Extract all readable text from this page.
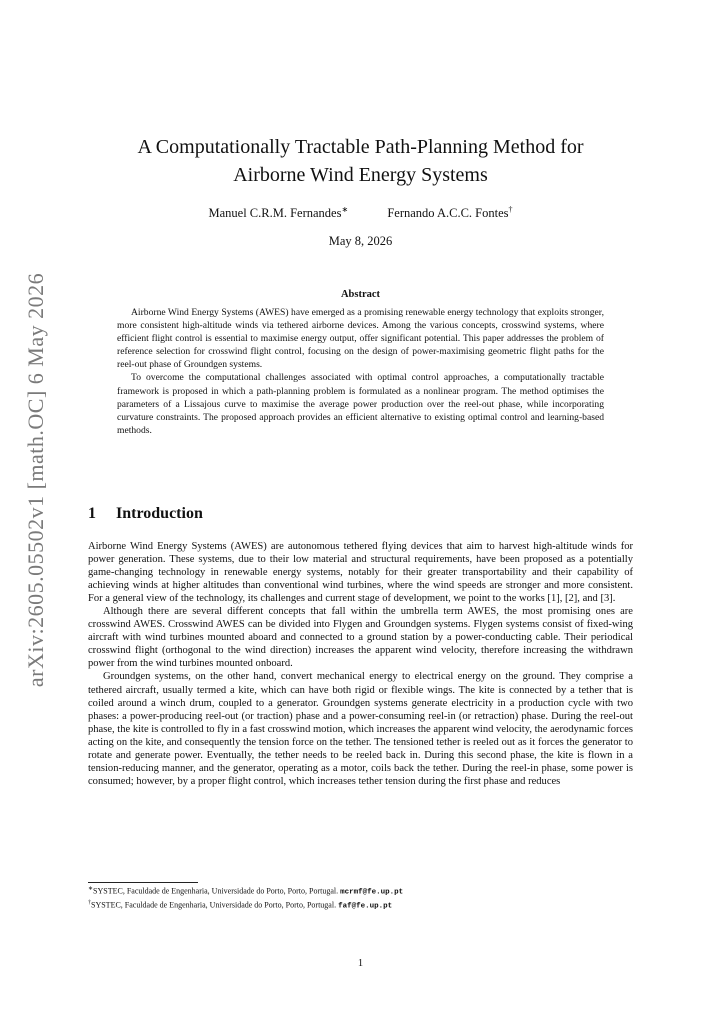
arXiv:2605.05502v1 [math.OC] 6 May 2026
A Computationally Tractable Path-Planning Method for
Airborne Wind Energy Systems
Manuel C.R.M. Fernandes∗	Fernando A.C.C. Fontes†
May 8, 2026
Abstract

Airborne Wind Energy Systems (AWES) have emerged as a promising renewable energy technology that exploits stronger, more consistent high-altitude winds via tethered airborne devices. Among the various concepts, crosswind systems, where efficient flight control is essential to maximise energy output, offer significant potential. This paper addresses the problem of reference selection for crosswind flight control, focusing on the design of power-maximising geometric flight paths for the reel-out phase of Groundgen systems.

To overcome the computational challenges associated with optimal control approaches, a computationally tractable framework is proposed in which a path-planning problem is formulated as a nonlinear program. The method optimises the parameters of a Lissajous curve to maximise the average power production over the reel-out phase, while incorporating curvature constraints. The proposed approach provides an efficient alternative to existing optimal control and learning-based methods.

1 Introduction

Airborne Wind Energy Systems (AWES) are autonomous tethered flying devices that aim to harvest high-altitude winds for power generation. These systems, due to their low material and structural requirements, have been proposed as a potentially game-changing technology in renewable energy systems, notably for their greater transportability and their capability of achieving winds at higher altitudes than conventional wind turbines, where the wind speeds are stronger and more consistent. For a general view of the technology, its challenges and current stage of development, we point to the works [1], [2], and [3].

Although there are several different concepts that fall within the umbrella term AWES, the most promising ones are crosswind AWES. Crosswind AWES can be divided into Flygen and Groundgen systems. Flygen systems consist of fixed-wing aircraft with wind turbines mounted aboard and connected to a ground station by a power-conducting cable. Their periodical crosswind flight (orthogonal to the wind direction) increases the apparent wind velocity, therefore increasing the withdrawn power from the wind turbines mounted onboard.

Groundgen systems, on the other hand, convert mechanical energy to electrical energy on the ground. They comprise a tethered aircraft, usually termed a kite, which can have both rigid or flexible wings. The kite is connected by a tether that is coiled around a winch drum, coupled to a generator. Groundgen systems generate electricity in a production cycle with two phases: a power-producing reel-out (or traction) phase and a power-consuming reel-in (or retraction) phase. During the reel-out phase, the kite is controlled to fly in a fast crosswind motion, which increases the apparent wind velocity, the aerodynamic forces acting on the kite, and consequently the tension force on the tether. The tensioned tether is reeled out as it forces the generator to rotate and generate power. Eventually, the tether needs to be reeled back in. During this second phase, the kite is flown in a tension-reducing manner, and the generator, operating as a motor, coils back the tether. During the reel-in phase, some power is consumed; however, by a proper flight control, which increases tether tension during the first phase and reduces

∗SYSTEC, Faculdade de Engenharia, Universidade do Porto, Porto, Portugal. mcrmf@fe.up.pt
†SYSTEC, Faculdade de Engenharia, Universidade do Porto, Porto, Portugal. faf@fe.up.pt
1
